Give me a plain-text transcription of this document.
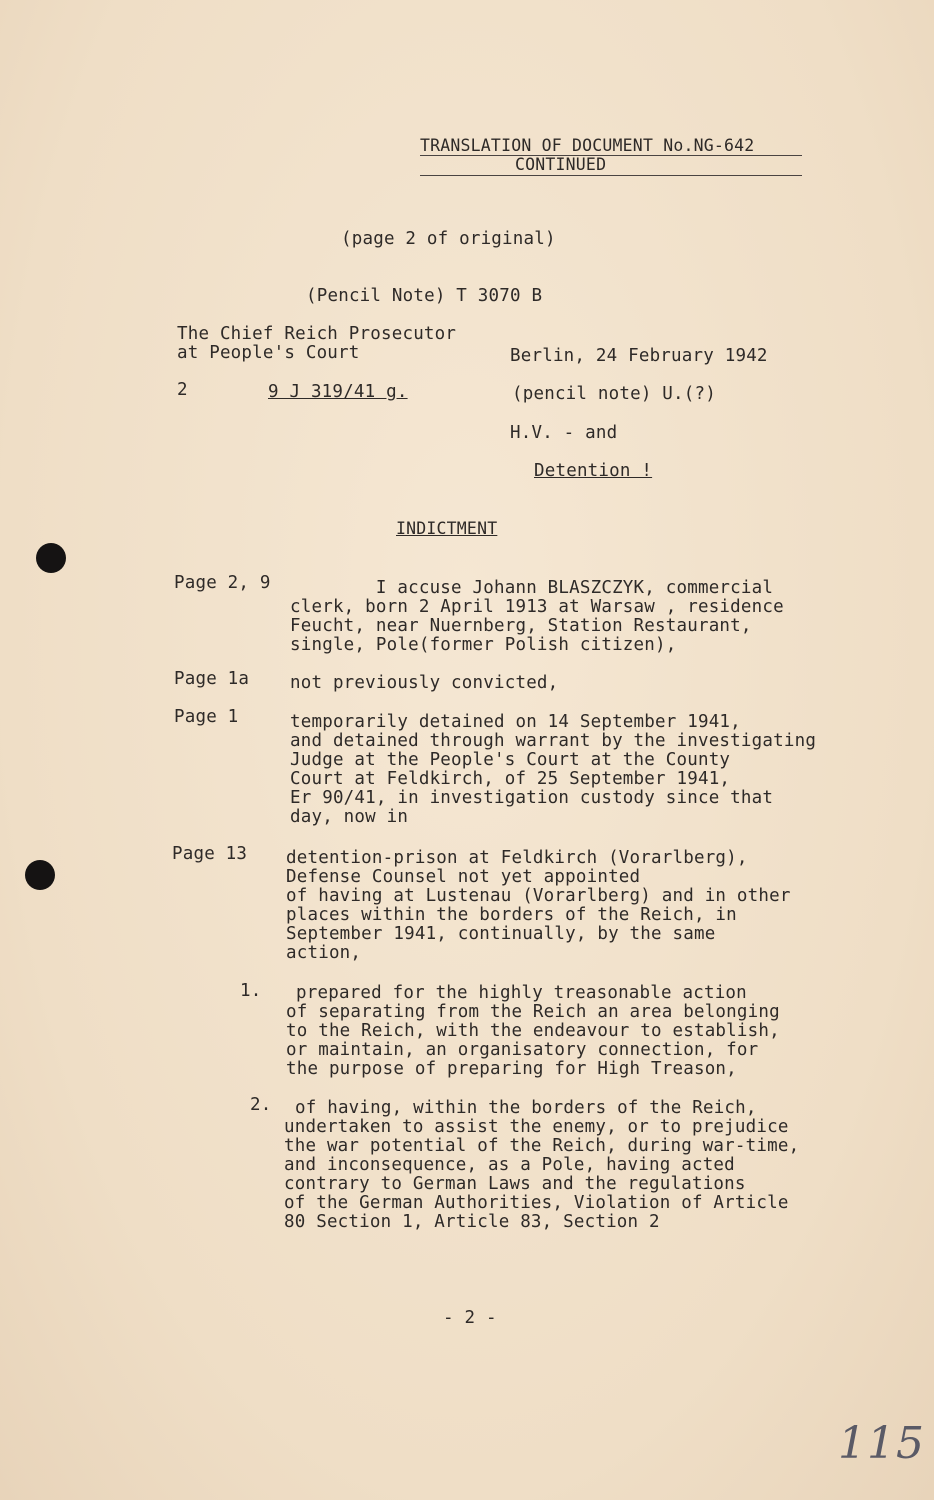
TRANSLATION OF DOCUMENT No.NG-642
CONTINUED
(page 2 of original)
(Pencil Note) T 3070 B
The Chief Reich Prosecutor
at People's Court	Berlin, 24 February 1942
2	9 J 319/41 g.	(pencil note) U.(?)
H.V. - and
Detention !
INDICTMENT
Page 2, 9 I accuse Johann BLASZCZYK, commercial
clerk, born 2 April 1913 at Warsaw , residence
Feucht, near Nuernberg, Station Restaurant,
single, Pole(former Polish citizen),
Page 1a not previously convicted,
Page 1	temporarily detained on 14 September 1941,
and detained through warrant by the investigating
Judge at the People's Court at the County
Court at Feldkirch, of 25 September 1941,
Er 90/41, in investigation custody since that
day, now in
Page 13 detention-prison at Feldkirch (Vorarlberg),
Defense Counsel not yet appointed
of having at Lustenau (Vorarlberg) and in other
places within the borders of the Reich, in
September 1941, continually, by the same
action,
1. prepared for the highly treasonable action
of separating from the Reich an area belonging
to the Reich, with the endeavour to establish,
or maintain, an organisatory connection, for
the purpose of preparing for High Treason,
2. of having, within the borders of the Reich,
undertaken to assist the enemy, or to prejudice
the war potential of the Reich, during war-time,
and inconsequence, as a Pole, having acted
contrary to German Laws and the regulations
of the German Authorities, Violation of Article
80 Section 1, Article 83, Section 2
- 2 -
115
